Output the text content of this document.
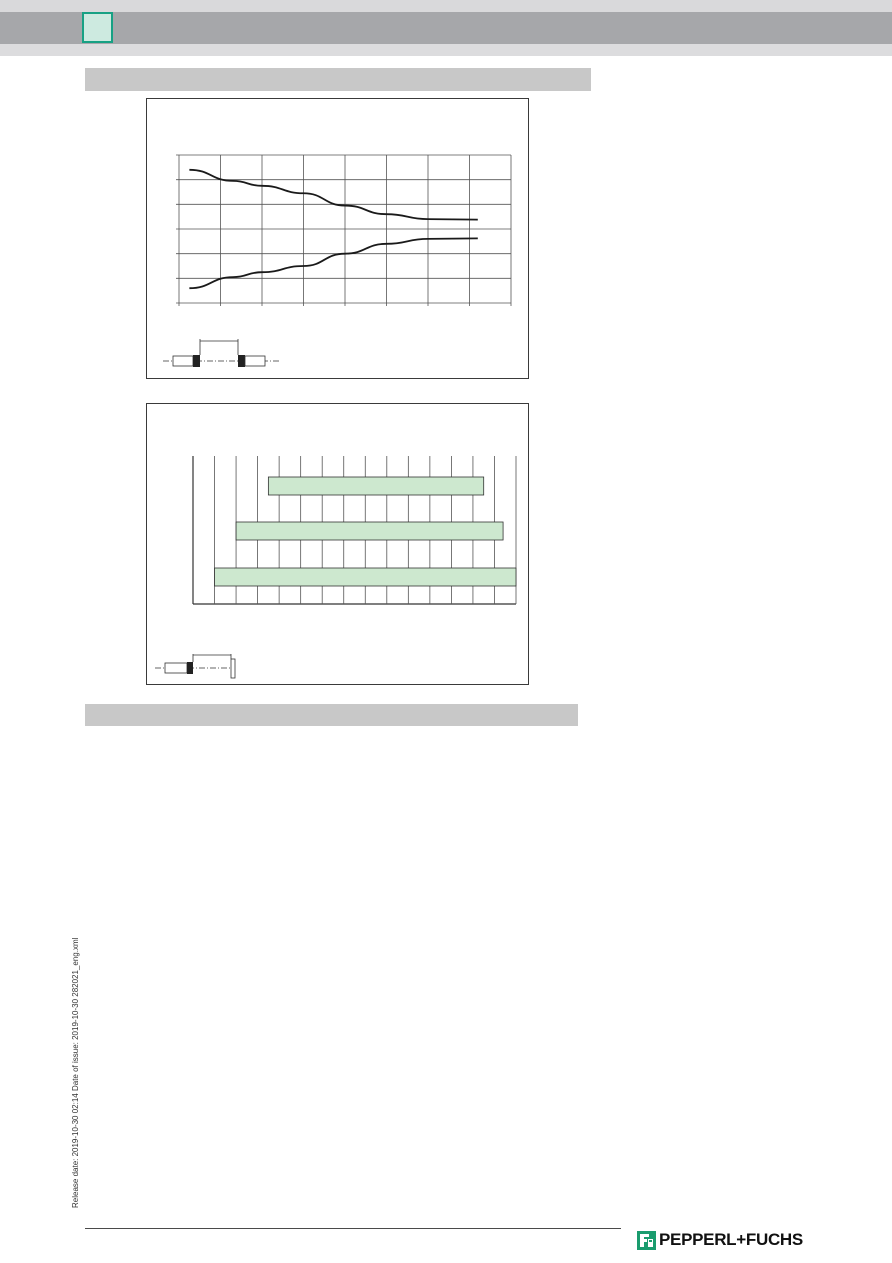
Release date: 2019-10-30 02:14 Date of issue: 2019-10-30 282021_eng.xml
PEPPERL+FUCHS
